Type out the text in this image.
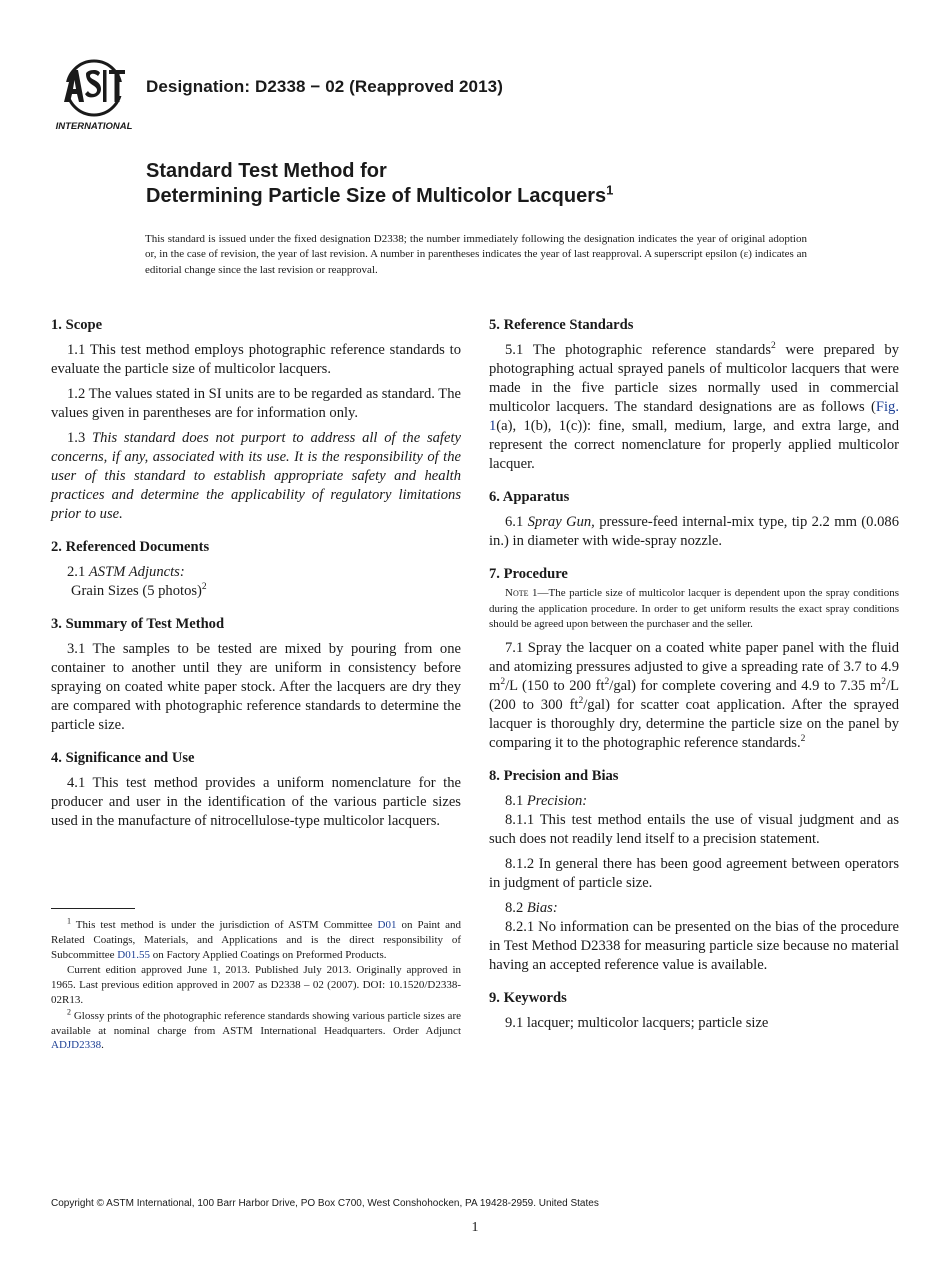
INTERNATIONAL
Designation: D2338 − 02 (Reapproved 2013)
Standard Test Method for
Determining Particle Size of Multicolor Lacquers$^1$
This standard is issued under the fixed designation D2338; the number immediately following the designation indicates the year of original adoption or, in the case of revision, the year of last revision. A number in parentheses indicates the year of last reapproval. A superscript epsilon (ε) indicates an editorial change since the last revision or reapproval.
1. Scope

1.1 This test method employs photographic reference standards to evaluate the particle size of multicolor lacquers.

1.2 The values stated in SI units are to be regarded as standard. The values given in parentheses are for information only.

1.3 This standard does not purport to address all of the safety concerns, if any, associated with its use. It is the responsibility of the user of this standard to establish appropriate safety and health practices and determine the applicability of regulatory limitations prior to use.

2. Referenced Documents

2.1 ASTM Adjuncts:

Grain Sizes (5 photos)$^2$

3. Summary of Test Method

3.1 The samples to be tested are mixed by pouring from one container to another until they are uniform in consistency before spraying on coated white paper stock. After the lacquers are dry they are compared with photographic reference standards to determine the particle size.

4. Significance and Use

4.1 This test method provides a uniform nomenclature for the producer and user in the identification of the various particle sizes used in the manufacture of nitrocellulose-type multicolor lacquers.

$^1$ This test method is under the jurisdiction of ASTM Committee D01 on Paint and Related Coatings, Materials, and Applications and is the direct responsibility of Subcommittee D01.55 on Factory Applied Coatings on Preformed Products.

Current edition approved June 1, 2013. Published July 2013. Originally approved in 1965. Last previous edition approved in 2007 as D2338 – 02 (2007). DOI: 10.1520/D2338-02R13.

$^2$ Glossy prints of the photographic reference standards showing various particle sizes are available at nominal charge from ASTM International Headquarters. Order Adjunct ADJD2338.

5. Reference Standards

5.1 The photographic reference standards$^2$ were prepared by photographing actual sprayed panels of multicolor lacquers that were made in the five particle sizes normally used in commercial multicolor lacquers. The standard designations are as follows (Fig. 1(a), 1(b), 1(c)): fine, small, medium, large, and extra large, and represent the correct nomenclature for properly applied multicolor lacquer.

6. Apparatus

6.1 Spray Gun, pressure-feed internal-mix type, tip 2.2 mm (0.086 in.) in diameter with wide-spray nozzle.

7. Procedure

Note 1—The particle size of multicolor lacquer is dependent upon the spray conditions during the application procedure. In order to get uniform results the exact spray conditions should be agreed upon between the purchaser and the seller.

7.1 Spray the lacquer on a coated white paper panel with the fluid and atomizing pressures adjusted to give a spreading rate of 3.7 to 4.9 $m^2/L$ (150 to 200 $ft^2/gal$) for complete covering and 4.9 to 7.35 $m^2/L$ (200 to 300 $ft^2/gal$) for scatter coat application. After the sprayed lacquer is thoroughly dry, determine the particle size on the panel by comparing it to the photographic reference standards.$^2$

8. Precision and Bias

8.1 Precision:

8.1.1 This test method entails the use of visual judgment and as such does not readily lend itself to a precision statement.

8.1.2 In general there has been good agreement between operators in judgment of particle size.

8.2 Bias:

8.2.1 No information can be presented on the bias of the procedure in Test Method D2338 for measuring particle size because no material having an accepted reference value is available.

9. Keywords

9.1 lacquer; multicolor lacquers; particle size

Copyright © ASTM International, 100 Barr Harbor Drive, PO Box C700, West Conshohocken, PA 19428-2959. United States
1
